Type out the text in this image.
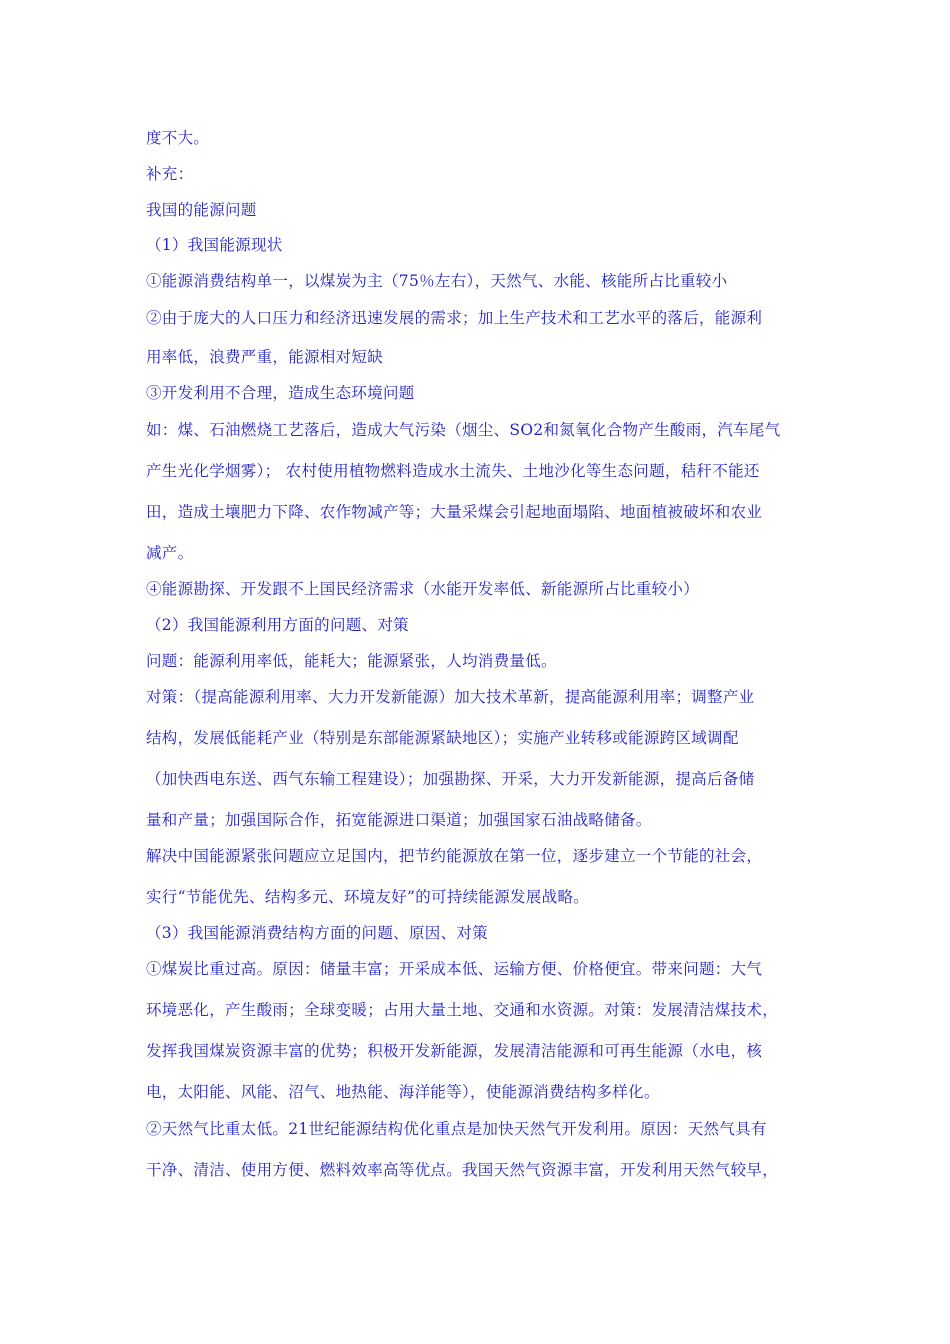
度不大。
补充：
我国的能源问题
（1）我国能源现状
①能源消费结构单一，以煤炭为主（75％左右），天然气、水能、核能所占比重较小
②由于庞大的人口压力和经济迅速发展的需求；加上生产技术和工艺水平的落后，能源利
用率低，浪费严重，能源相对短缺
③开发利用不合理，造成生态环境问题
如：煤、石油燃烧工艺落后，造成大气污染（烟尘、SO2和氮氧化合物产生酸雨，汽车尾气
产生光化学烟雾）； 农村使用植物燃料造成水土流失、土地沙化等生态问题，秸秆不能还
田，造成土壤肥力下降、农作物减产等；大量采煤会引起地面塌陷、地面植被破坏和农业
减产。
④能源勘探、开发跟不上国民经济需求（水能开发率低、新能源所占比重较小）
（2）我国能源利用方面的问题、对策
问题：能源利用率低，能耗大；能源紧张，人均消费量低。
对策：（提高能源利用率、大力开发新能源）加大技术革新，提高能源利用率；调整产业
结构，发展低能耗产业（特别是东部能源紧缺地区）；实施产业转移或能源跨区域调配
（加快西电东送、西气东输工程建设）；加强勘探、开采，大力开发新能源，提高后备储
量和产量；加强国际合作，拓宽能源进口渠道；加强国家石油战略储备。
解决中国能源紧张问题应立足国内，把节约能源放在第一位，逐步建立一个节能的社会，
实行“节能优先、结构多元、环境友好”的可持续能源发展战略。
（3）我国能源消费结构方面的问题、原因、对策
①煤炭比重过高。原因：储量丰富；开采成本低、运输方便、价格便宜。带来问题：大气
环境恶化，产生酸雨；全球变暖；占用大量土地、交通和水资源。对策：发展清洁煤技术，
发挥我国煤炭资源丰富的优势；积极开发新能源，发展清洁能源和可再生能源（水电，核
电，太阳能、风能、沼气、地热能、海洋能等），使能源消费结构多样化。
②天然气比重太低。21世纪能源结构优化重点是加快天然气开发利用。原因：天然气具有
干净、清洁、使用方便、燃料效率高等优点。我国天然气资源丰富，开发利用天然气较早，
